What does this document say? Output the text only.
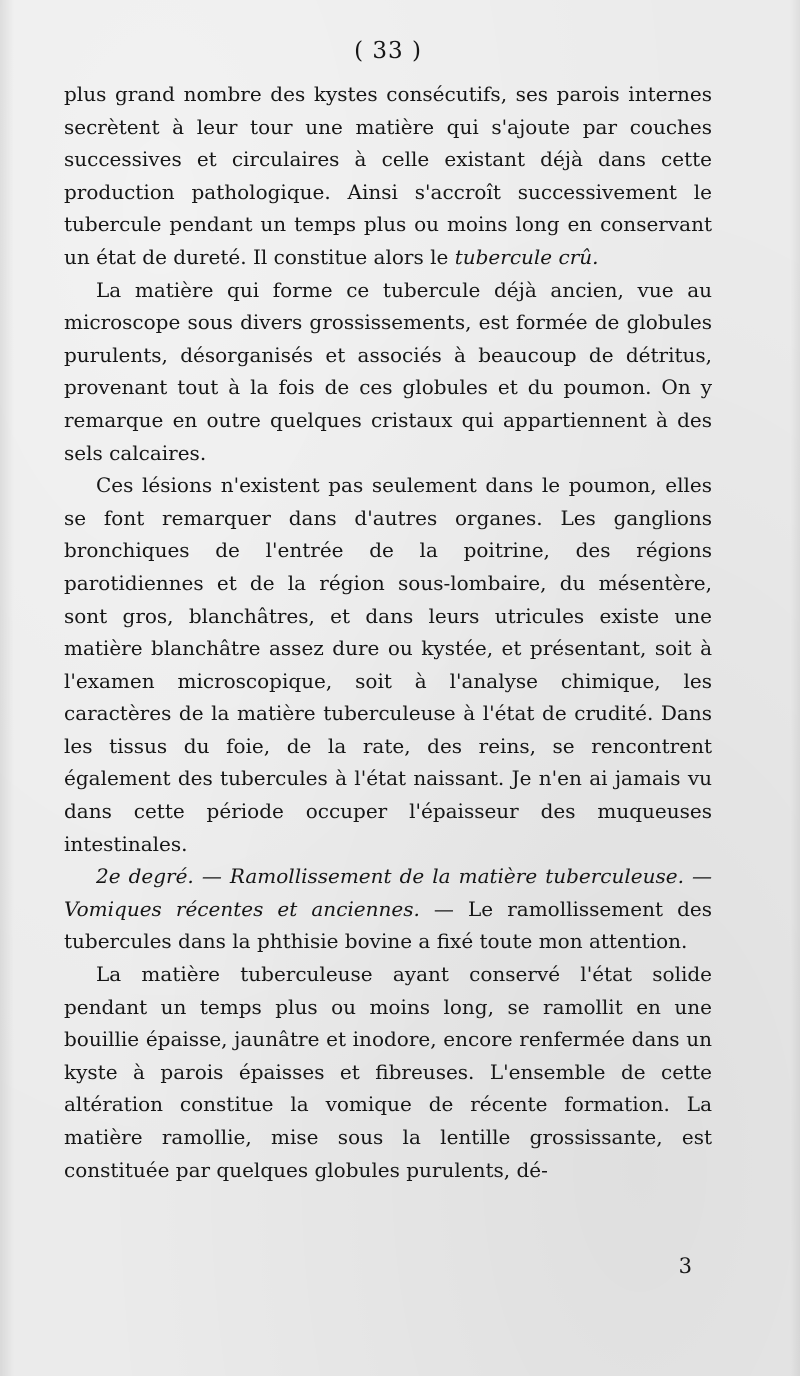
( 33 )

plus grand nombre des kystes consécutifs, ses parois internes secrètent à leur tour une matière qui s'ajoute par couches successives et circulaires à celle existant déjà dans cette production pathologique. Ainsi s'accroît successivement le tubercule pendant un temps plus ou moins long en conservant un état de dureté. Il constitue alors le tubercule crû.

La matière qui forme ce tubercule déjà ancien, vue au microscope sous divers grossissements, est formée de globules purulents, désorganisés et associés à beaucoup de détritus, provenant tout à la fois de ces globules et du poumon. On y remarque en outre quelques cristaux qui appartiennent à des sels calcaires.

Ces lésions n'existent pas seulement dans le poumon, elles se font remarquer dans d'autres organes. Les ganglions bronchiques de l'entrée de la poitrine, des régions parotidiennes et de la région sous-lombaire, du mésentère, sont gros, blanchâtres, et dans leurs utricules existe une matière blanchâtre assez dure ou kystée, et présentant, soit à l'examen microscopique, soit à l'analyse chimique, les caractères de la matière tuberculeuse à l'état de crudité. Dans les tissus du foie, de la rate, des reins, se rencontrent également des tubercules à l'état naissant. Je n'en ai jamais vu dans cette période occuper l'épaisseur des muqueuses intestinales.

2e degré. — Ramollissement de la matière tuberculeuse. — Vomiques récentes et anciennes. — Le ramollissement des tubercules dans la phthisie bovine a fixé toute mon attention.

La matière tuberculeuse ayant conservé l'état solide pendant un temps plus ou moins long, se ramollit en une bouillie épaisse, jaunâtre et inodore, encore renfermée dans un kyste à parois épaisses et fibreuses. L'ensemble de cette altération constitue la vomique de récente formation. La matière ramollie, mise sous la lentille grossissante, est constituée par quelques globules purulents, dé-

3
